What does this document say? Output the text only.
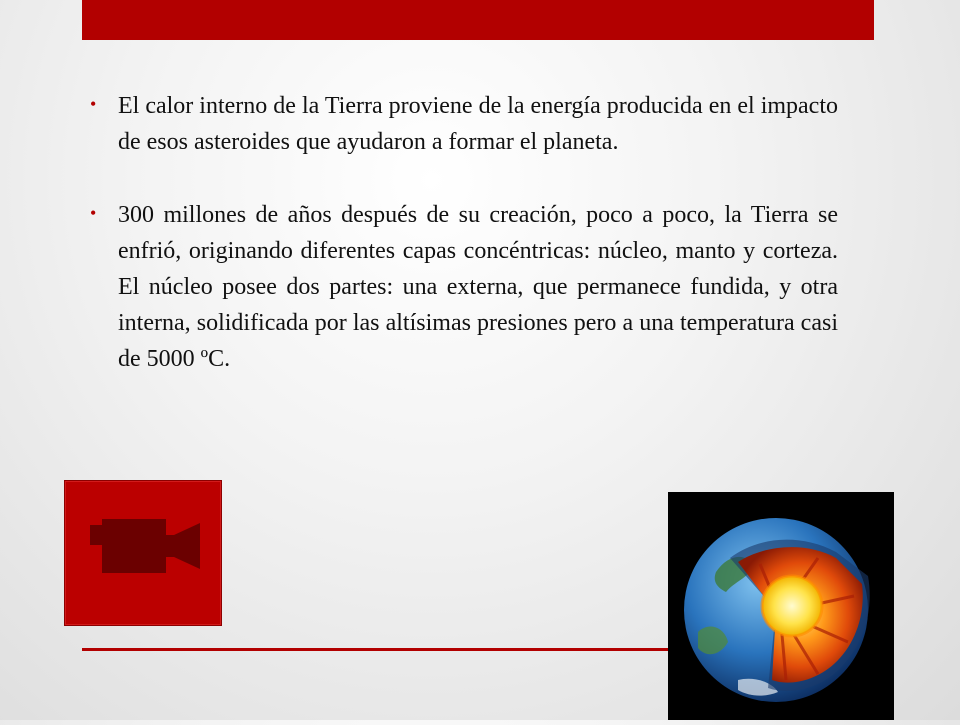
• El calor interno de la Tierra proviene de la energía producida en el impacto de esos asteroides que ayudaron a formar el planeta.

• 300 millones de años después de su creación, poco a poco, la Tierra se enfrió, originando diferentes capas concéntricas: núcleo, manto y corteza. El núcleo posee dos partes: una externa, que permanece fundida, y otra interna, solidificada por las altísimas presiones pero a una temperatura casi de 5000 ºC.
